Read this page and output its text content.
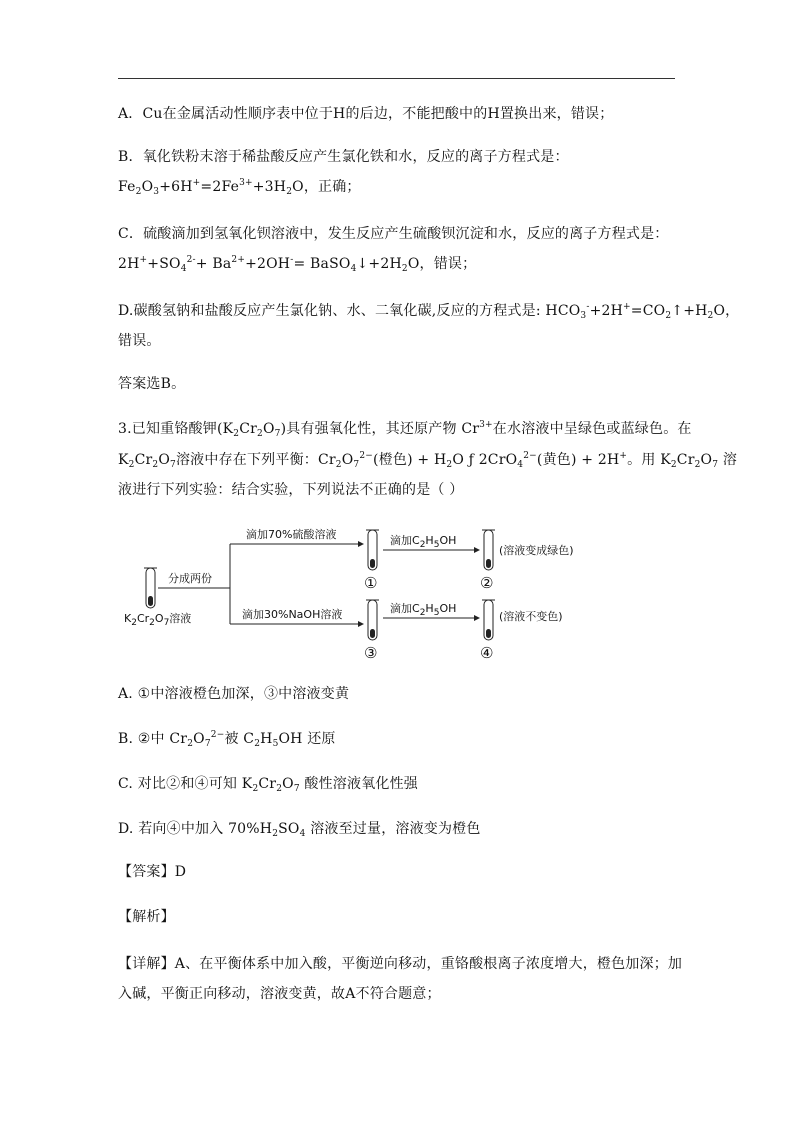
A．Cu在金属活动性顺序表中位于H的后边，不能把酸中的H置换出来，错误；
B．氧化铁粉末溶于稀盐酸反应产生氯化铁和水，反应的离子方程式是：
$Fe_2O_3+6H^+=2Fe^{3+}+3H_2O$，正确；
C．硫酸滴加到氢氧化钡溶液中，发生反应产生硫酸钡沉淀和水，反应的离子方程式是：
$2H^++SO_4^{2-}+ Ba^{2+}+2OH^-=$ $BaSO_4↓+2H_2O$，错误；
D.碳酸氢钠和盐酸反应产生氯化钠、水、二氧化碳,反应的方程式是: $HCO_3^-+2H^+=CO_2↑+H_2O$，
错误。
答案选B。
3.已知重铬酸钾$(K_2Cr_2O_7)$具有强氧化性，其还原产物 $Cr^{3+}$在水溶液中呈绿色或蓝绿色。在
$K_2Cr_2O_7$溶液中存在下列平衡：$Cr_2O_7^{2-}$(橙色) + $H_2O$ ƒ 2CrO$_4^{2-}$(黄色) + 2H+。用 $K_2Cr_2O_7$ 溶
液进行下列实验：结合实验，下列说法不正确的是（ ）
$K_2Cr_2O_7$溶液
分成两份
滴加70%硫酸溶液
滴加30%NaOH溶液
①
③
滴加$C_2H_5OH$
滴加$C_2H_5OH$
②
(溶液变成绿色)
④
(溶液不变色)
A. ①中溶液橙色加深，③中溶液变黄
B. ②中 $Cr_2O_7^{2-}$被 $C_2H_5OH$ 还原
C. 对比②和④可知 $K_2Cr_2O_7$ 酸性溶液氧化性强
D. 若向④中加入 $70\%H_2SO_4$ 溶液至过量，溶液变为橙色
【答案】D
【解析】
【详解】A、在平衡体系中加入酸，平衡逆向移动，重铬酸根离子浓度增大，橙色加深；加
入碱，平衡正向移动，溶液变黄，故A不符合题意；
